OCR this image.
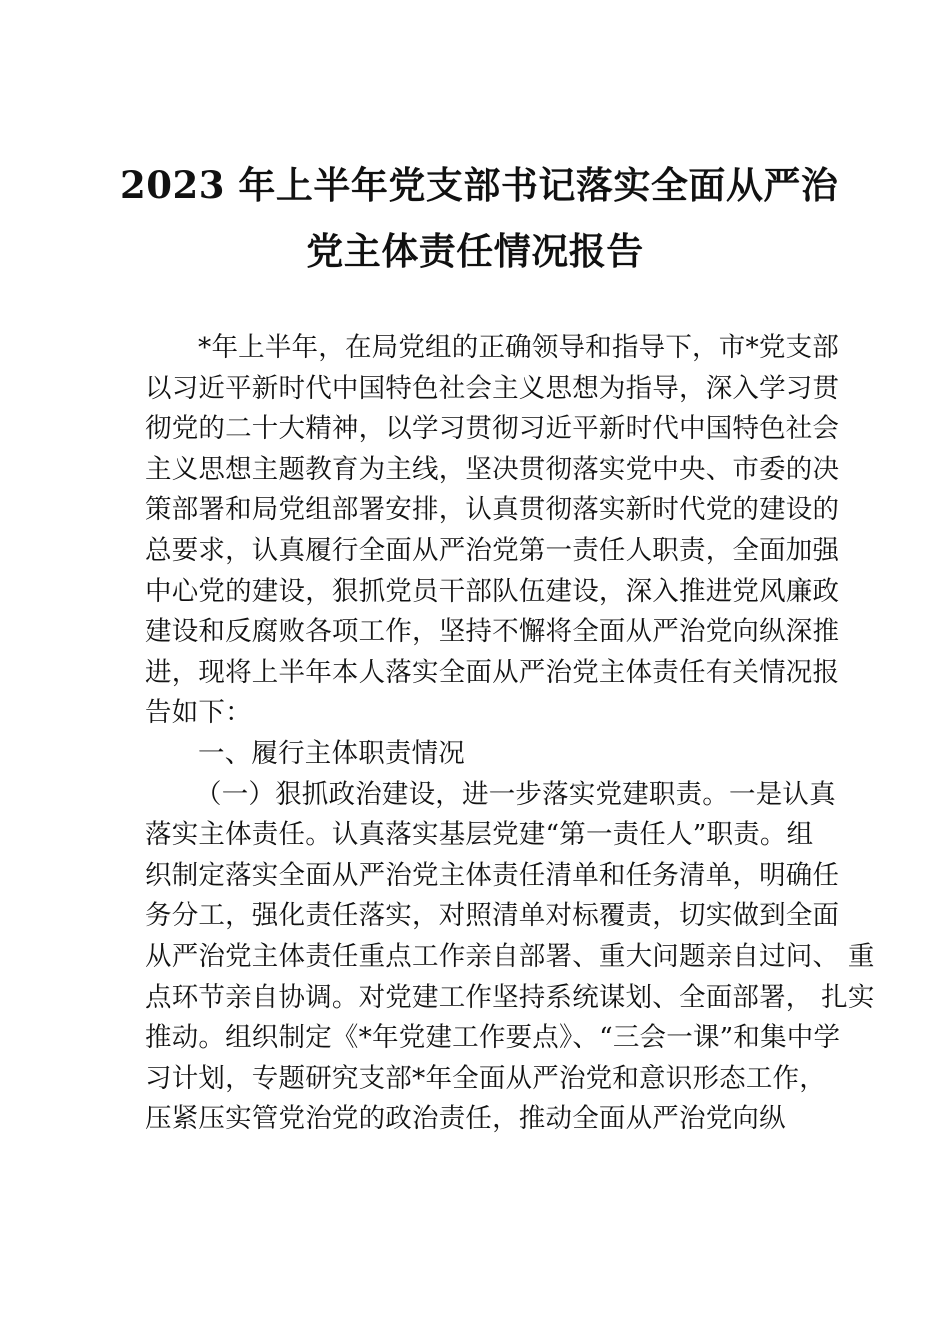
2023 年上半年党支部书记落实全面从严治
党主体责任情况报告
*年上半年，在局党组的正确领导和指导下，市*党支部
以习近平新时代中国特色社会主义思想为指导，深入学习贯
彻党的二十大精神，以学习贯彻习近平新时代中国特色社会
主义思想主题教育为主线，坚决贯彻落实党中央、市委的决
策部署和局党组部署安排，认真贯彻落实新时代党的建设的
总要求，认真履行全面从严治党第一责任人职责，全面加强
中心党的建设，狠抓党员干部队伍建设，深入推进党风廉政
建设和反腐败各项工作，坚持不懈将全面从严治党向纵深推
进，现将上半年本人落实全面从严治党主体责任有关情况报
告如下：
一、履行主体职责情况
（一）狠抓政治建设，进一步落实党建职责。一是认真
落实主体责任。认真落实基层党建“第一责任人”职责。组
织制定落实全面从严治党主体责任清单和任务清单，明确任
务分工，强化责任落实，对照清单对标覆责，切实做到全面
从严治党主体责任重点工作亲自部署、重大问题亲自过问、 重
点环节亲自协调。对党建工作坚持系统谋划、全面部署， 扎实
推动。组织制定《*年党建工作要点》、“三会一课”和集中学
习计划，专题研究支部*年全面从严治党和意识形态工作，
压紧压实管党治党的政治责任，推动全面从严治党向纵
